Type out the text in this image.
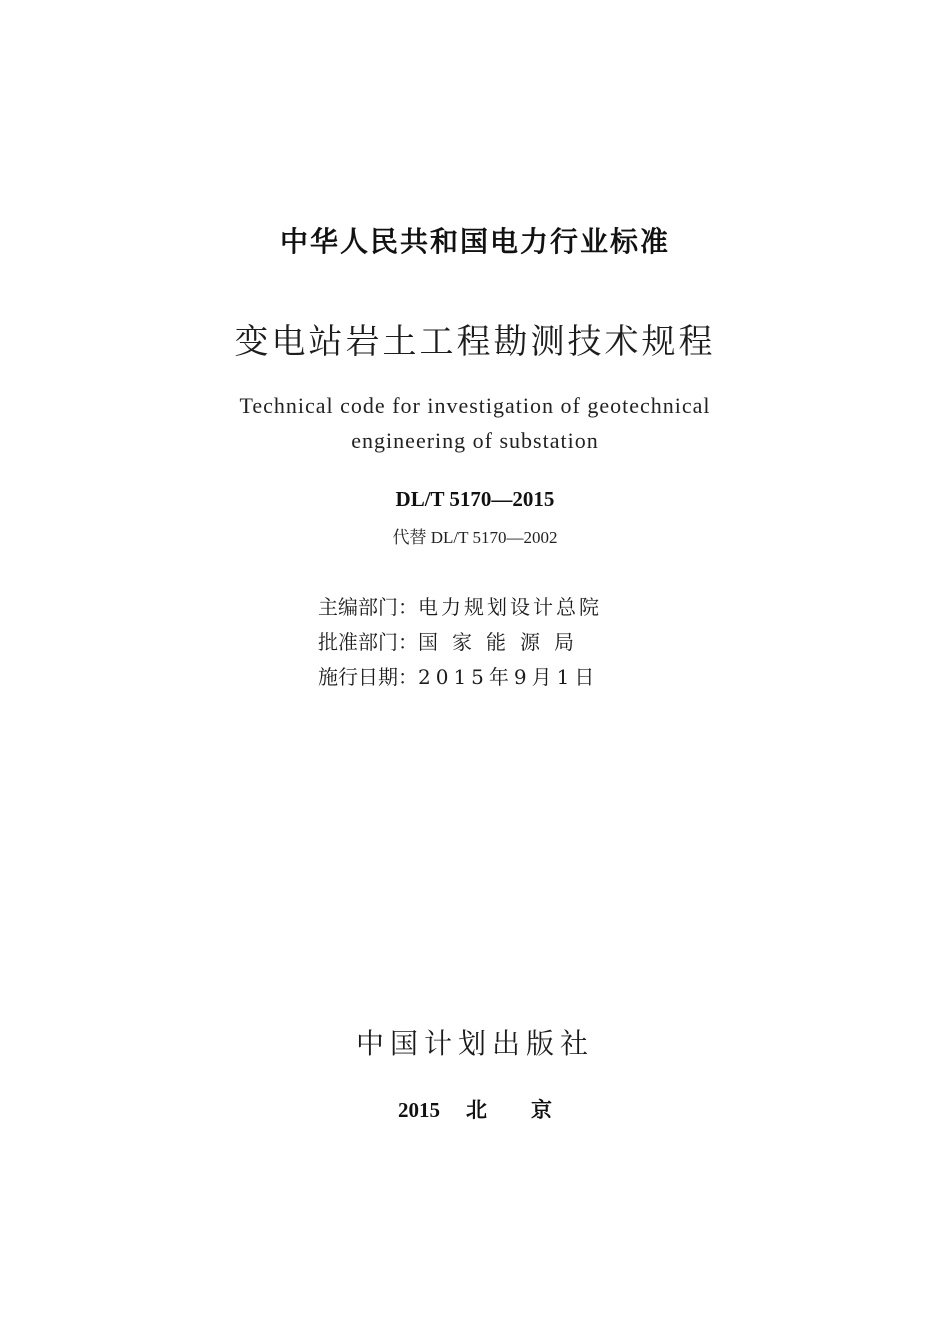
中华人民共和国电力行业标准
变电站岩土工程勘测技术规程
Technical code for investigation of geotechnical
engineering of substation
DL/T 5170—2015
代替 DL/T 5170—2002
主编部门：电力规划设计总院
批准部门：国家能源局
施行日期：2015年9月1日
中国计划出版社
2015 北 京
